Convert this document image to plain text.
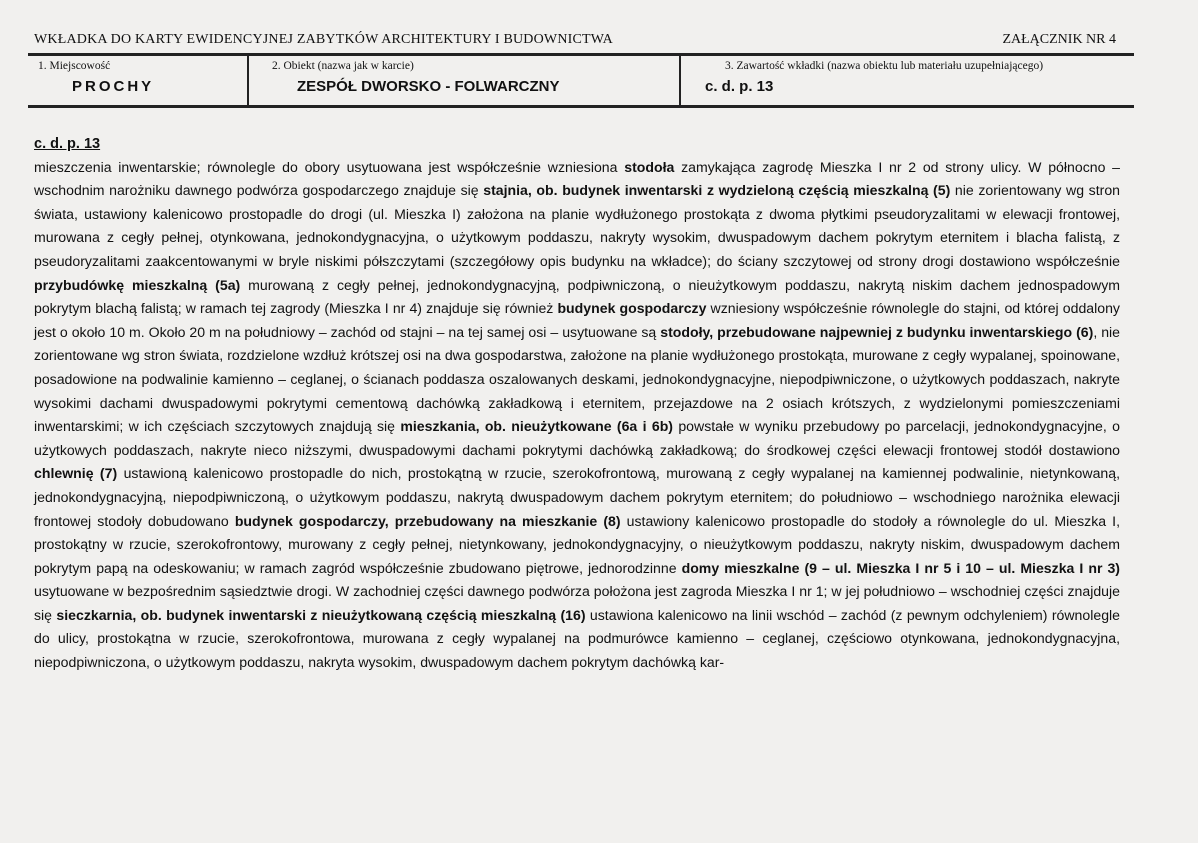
WKŁADKA DO KARTY EWIDENCYJNEJ ZABYTKÓW ARCHITEKTURY I BUDOWNICTWA	ZAŁĄCZNIK NR 4
1. Miejscowość
PROCHY
2. Obiekt (nazwa jak w karcie)
ZESPÓŁ DWORSKO - FOLWARCZNY
3. Zawartość wkładki (nazwa obiektu lub materiału uzupełniającego)
c. d. p. 13
c. d. p. 13
mieszczenia inwentarskie; równolegle do obory usytuowana jest współcześnie wzniesiona stodoła zamykająca zagrodę Mieszka I nr 2 od strony ulicy. W północno – wschodnim narożniku dawnego podwórza gospodarczego znajduje się stajnia, ob. budynek inwentarski z wydzieloną częścią mieszkalną (5) nie zorientowany wg stron świata, ustawiony kalenicowo prostopadle do drogi (ul. Mieszka I) założona na planie wydłużonego prostokąta z dwoma płytkimi pseudoryzalitami w elewacji frontowej, murowana z cegły pełnej, otynkowana, jednokondygnacyjna, o użytkowym poddaszu, nakryty wysokim, dwuspadowym dachem pokrytym eternitem i blacha falistą, z pseudoryzalitami zaakcentowanymi w bryle niskimi półszczytami (szczegółowy opis budynku na wkładce); do ściany szczytowej od strony drogi dostawiono współcześnie przybudówkę mieszkalną (5a) murowaną z cegły pełnej, jednokondygnacyjną, podpiwniczoną, o nieużytkowym poddaszu, nakrytą niskim dachem jednospadowym pokrytym blachą falistą; w ramach tej zagrody (Mieszka I nr 4) znajduje się również budynek gospodarczy wzniesiony współcześnie równolegle do stajni, od której oddalony jest o około 10 m. Około 20 m na południowy – zachód od stajni – na tej samej osi – usytuowane są stodoły, przebudowane najpewniej z budynku inwentarskiego (6), nie zorientowane wg stron świata, rozdzielone wzdłuż krótszej osi na dwa gospodarstwa, założone na planie wydłużonego prostokąta, murowane z cegły wypalanej, spoinowane, posadowione na podwalinie kamienno – ceglanej, o ścianach poddasza oszalowanych deskami, jednokondygnacyjne, niepodpiwniczone, o użytkowych poddaszach, nakryte wysokimi dachami dwuspadowymi pokrytymi cementową dachówką zakładkową i eternitem, przejazdowe na 2 osiach krótszych, z wydzielonymi pomieszczeniami inwentarskimi; w ich częściach szczytowych znajdują się mieszkania, ob. nieużytkowane (6a i 6b) powstałe w wyniku przebudowy po parcelacji, jednokondygnacyjne, o użytkowych poddaszach, nakryte nieco niższymi, dwuspadowymi dachami pokrytymi dachówką zakładkową; do środkowej części elewacji frontowej stodół dostawiono chlewnię (7) ustawioną kalenicowo prostopadle do nich, prostokątną w rzucie, szerokofrontową, murowaną z cegły wypalanej na kamiennej podwalinie, nietynkowaną, jednokondygnacyjną, niepodpiwniczoną, o użytkowym poddaszu, nakrytą dwuspadowym dachem pokrytym eternitem; do południowo – wschodniego narożnika elewacji frontowej stodoły dobudowano budynek gospodarczy, przebudowany na mieszkanie (8) ustawiony kalenicowo prostopadle do stodoły a równolegle do ul. Mieszka I, prostokątny w rzucie, szerokofrontowy, murowany z cegły pełnej, nietynkowany, jednokondygnacyjny, o nieużytkowym poddaszu, nakryty niskim, dwuspadowym dachem pokrytym papą na odeskowaniu; w ramach zagród współcześnie zbudowano piętrowe, jednorodzinne domy mieszkalne (9 – ul. Mieszka I nr 5 i 10 – ul. Mieszka I nr 3) usytuowane w bezpośrednim sąsiedztwie drogi. W zachodniej części dawnego podwórza położona jest zagroda Mieszka I nr 1; w jej południowo – wschodniej części znajduje się sieczkarnia, ob. budynek inwentarski z nieużytkowaną częścią mieszkalną (16) ustawiona kalenicowo na linii wschód – zachód (z pewnym odchyleniem) równolegle do ulicy, prostokątna w rzucie, szerokofrontowa, murowana z cegły wypalanej na podmurówce kamienno – ceglanej, częściowo otynkowana, jednokondygnacyjna, niepodpiwniczona, o użytkowym poddaszu, nakryta wysokim, dwuspadowym dachem pokrytym dachówką kar-
